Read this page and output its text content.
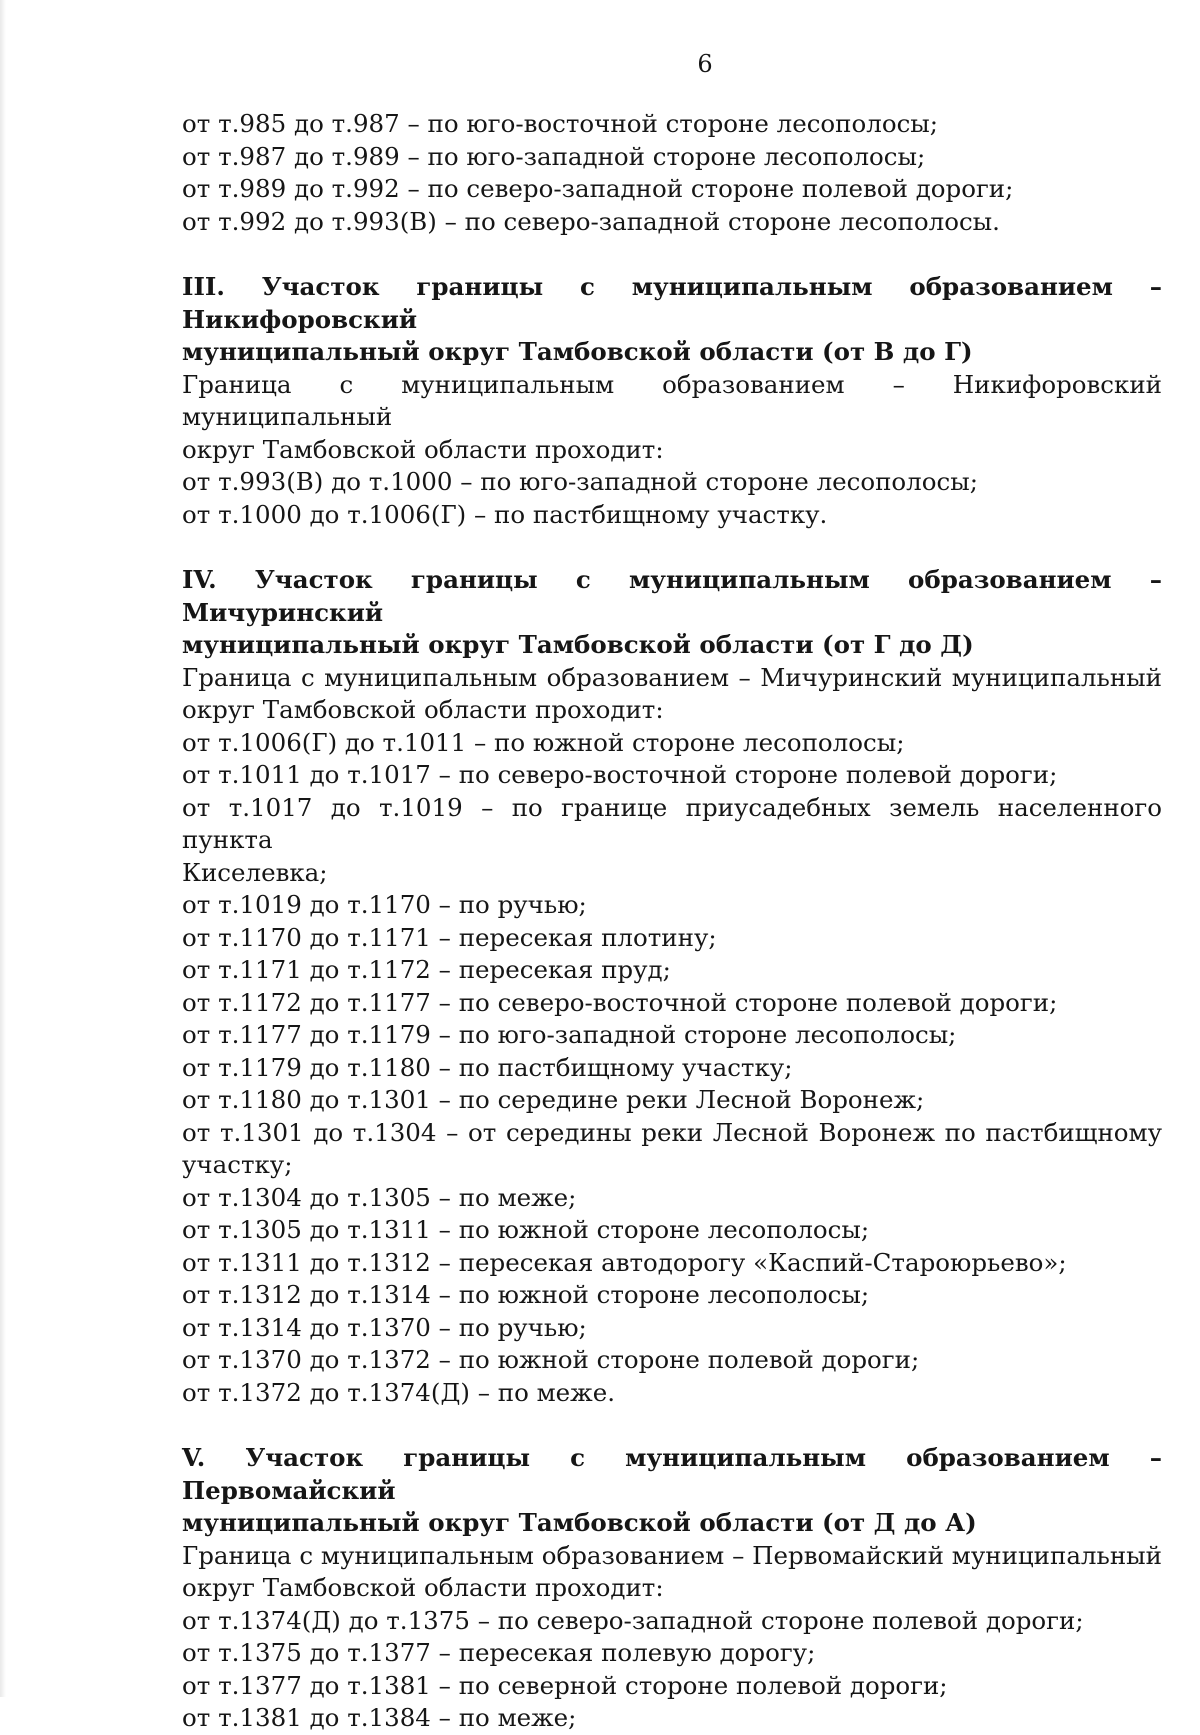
6
от т.985 до т.987 – по юго-восточной стороне лесополосы;
от т.987 до т.989 – по юго-западной стороне лесополосы;
от т.989 до т.992 – по северо-западной стороне полевой дороги;
от т.992 до т.993(В) – по северо-западной стороне лесополосы.
III. Участок границы с муниципальным образованием – Никифоровский
муниципальный округ Тамбовской области (от В до Г)
Граница с муниципальным образованием – Никифоровский муниципальный
округ Тамбовской области проходит:
от т.993(В) до т.1000 – по юго-западной стороне лесополосы;
от т.1000 до т.1006(Г) – по пастбищному участку.
IV. Участок границы с муниципальным образованием – Мичуринский
муниципальный округ Тамбовской области (от Г до Д)
Граница с муниципальным образованием – Мичуринский муниципальный
округ Тамбовской области проходит:
от т.1006(Г) до т.1011 – по южной стороне лесополосы;
от т.1011 до т.1017 – по северо-восточной стороне полевой дороги;
от т.1017 до т.1019 – по границе приусадебных земель населенного пункта
Киселевка;
от т.1019 до т.1170 – по ручью;
от т.1170 до т.1171 – пересекая плотину;
от т.1171 до т.1172 – пересекая пруд;
от т.1172 до т.1177 – по северо-восточной стороне полевой дороги;
от т.1177 до т.1179 – по юго-западной стороне лесополосы;
от т.1179 до т.1180 – по пастбищному участку;
от т.1180 до т.1301 – по середине реки Лесной Воронеж;
от т.1301 до т.1304 – от середины реки Лесной Воронеж по пастбищному
участку;
от т.1304 до т.1305 – по меже;
от т.1305 до т.1311 – по южной стороне лесополосы;
от т.1311 до т.1312 – пересекая автодорогу «Каспий-Староюрьево»;
от т.1312 до т.1314 – по южной стороне лесополосы;
от т.1314 до т.1370 – по ручью;
от т.1370 до т.1372 – по южной стороне полевой дороги;
от т.1372 до т.1374(Д) – по меже.
V. Участок границы с муниципальным образованием – Первомайский
муниципальный округ Тамбовской области (от Д до А)
Граница с муниципальным образованием – Первомайский муниципальный
округ Тамбовской области проходит:
от т.1374(Д) до т.1375 – по северо-западной стороне полевой дороги;
от т.1375 до т.1377 – пересекая полевую дорогу;
от т.1377 до т.1381 – по северной стороне полевой дороги;
от т.1381 до т.1384 – по меже;
